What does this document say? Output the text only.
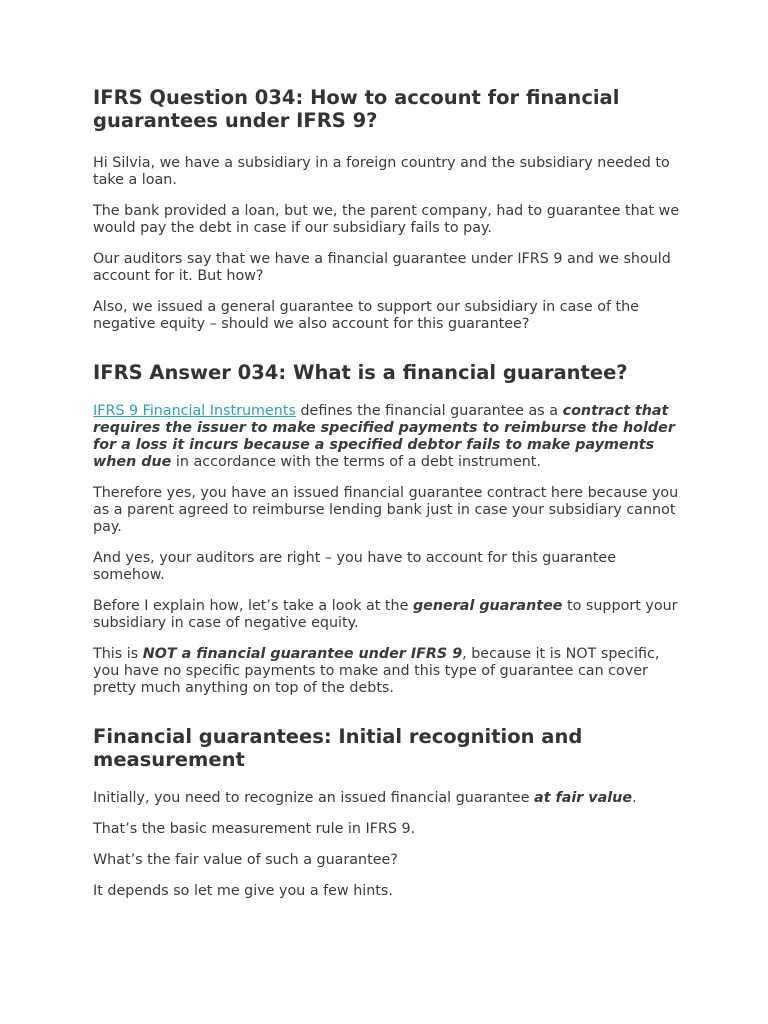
IFRS Question 034: How to account for financial guarantees under IFRS 9?

Hi Silvia, we have a subsidiary in a foreign country and the subsidiary needed to take a loan.

The bank provided a loan, but we, the parent company, had to guarantee that we would pay the debt in case if our subsidiary fails to pay.

Our auditors say that we have a financial guarantee under IFRS 9 and we should account for it. But how?

Also, we issued a general guarantee to support our subsidiary in case of the negative equity – should we also account for this guarantee?

IFRS Answer 034: What is a financial guarantee?

IFRS 9 Financial Instruments defines the financial guarantee as a contract that requires the issuer to make specified payments to reimburse the holder for a loss it incurs because a specified debtor fails to make payments when due in accordance with the terms of a debt instrument.

Therefore yes, you have an issued financial guarantee contract here because you as a parent agreed to reimburse lending bank just in case your subsidiary cannot pay.

And yes, your auditors are right – you have to account for this guarantee somehow.

Before I explain how, let’s take a look at the general guarantee to support your subsidiary in case of negative equity.

This is NOT a financial guarantee under IFRS 9, because it is NOT specific, you have no specific payments to make and this type of guarantee can cover pretty much anything on top of the debts.

Financial guarantees: Initial recognition and measurement

Initially, you need to recognize an issued financial guarantee at fair value.

That’s the basic measurement rule in IFRS 9.

What’s the fair value of such a guarantee?

It depends so let me give you a few hints.
